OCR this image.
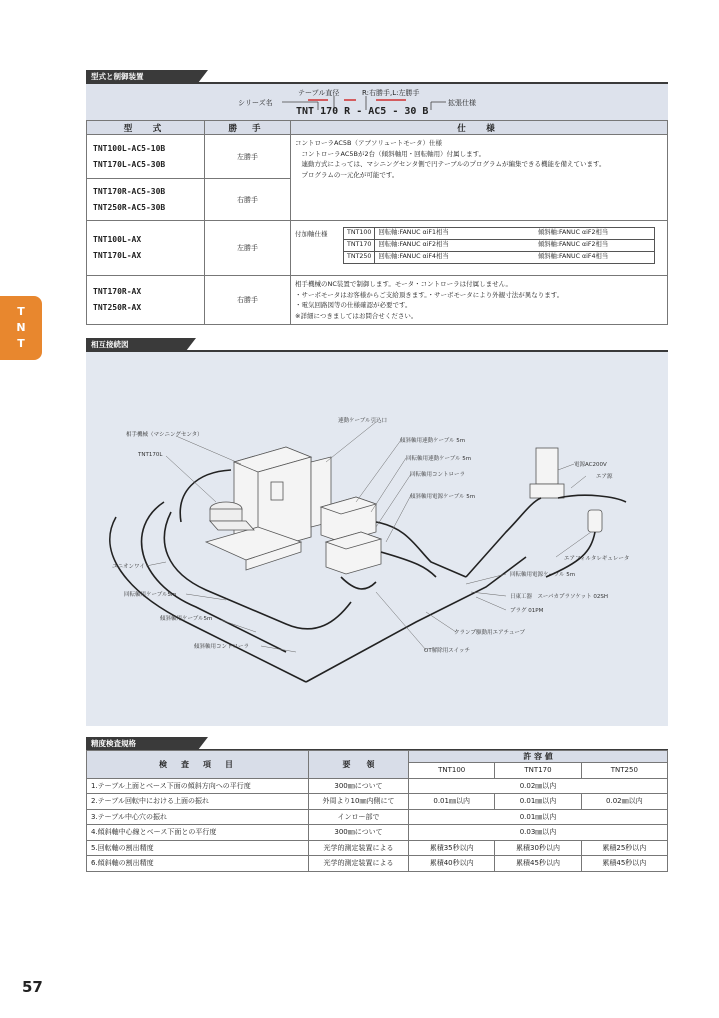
型式と制御装置
シリーズ名
テーブル直径	R:右勝手,L:左勝手
拡張仕様
TNT 170 R - AC5 - 30 B
型　式	勝 手	仕　様

TNT100L-AC5-10B
TNT170L-AC5-30B
	左勝手	
コントローラAC5B（アブソリュートモータ）仕様
　コントローラAC5Bが2台（傾斜軸用・回転軸用）付属します。
　連動方式によっては、マシニングセンタ側で円テーブルのプログラムが編集できる機能を備えています。
　プログラムの一元化が可能です。

TNT170R-AC5-30B
TNT250R-AC5-30B
	右勝手

TNT100L-AX
TNT170L-AX
	左勝手	
付加軸仕様	TNT100	回転軸:FANUC αiF1相当	傾斜軸:FANUC αiF2相当
TNT170	回転軸:FANUC αiF2相当	傾斜軸:FANUC αiF2相当
TNT250	回転軸:FANUC αiF4相当	傾斜軸:FANUC αiF4相当

TNT170R-AX
TNT250R-AX
	右勝手	
相手機械のNC装置で制御します。モータ・コントローラは付属しません。
・サーボモータはお客様からご支給頂きます。・サーボモータにより外観寸法が異なります。
・電気回路図等の仕様確認が必要です。
※詳細につきましてはお問合せください。
T
N
T	相互接続図
相手機械（マシニングセンタ）
TNT170L
連動ケーブル引込口
傾斜軸用連動ケーブル 5m
回転軸用連動ケーブル 5m
回転軸用コントローラ
傾斜軸用電源ケーブル 5m
電源AC200V
エア源
エアフィルタレギュレータ
回転軸用電源ケーブル 5m
日東工器　スーパカプラソケット 02SH
プラグ 01PM
クランプ駆動用エアチューブ
OT解除用スイッチ
傾斜軸用コントローラ
傾斜軸用ケーブル5m
回転軸用ケーブル5m
ユニオンワイ
精度検査規格
検　査　項　目	要　　領	許 容 値		
		TNT100	TNT170	TNT250
1.テーブル上面とベース下面の傾斜方向への平行度	300㎜について	0.02㎜以内		
2.テーブル回転中における上面の振れ	外周より10㎜内側にて	0.01㎜以内	0.01㎜以内	0.02㎜以内
3.テーブル中心穴の振れ	インロー部で	0.01㎜以内		
4.傾斜軸中心線とベース下面との平行度	300㎜について	0.03㎜以内		
5.回転軸の割出精度	光学的測定装置による	累積35秒以内	累積30秒以内	累積25秒以内
6.傾斜軸の割出精度	光学的測定装置による	累積40秒以内	累積45秒以内	累積45秒以内
57
